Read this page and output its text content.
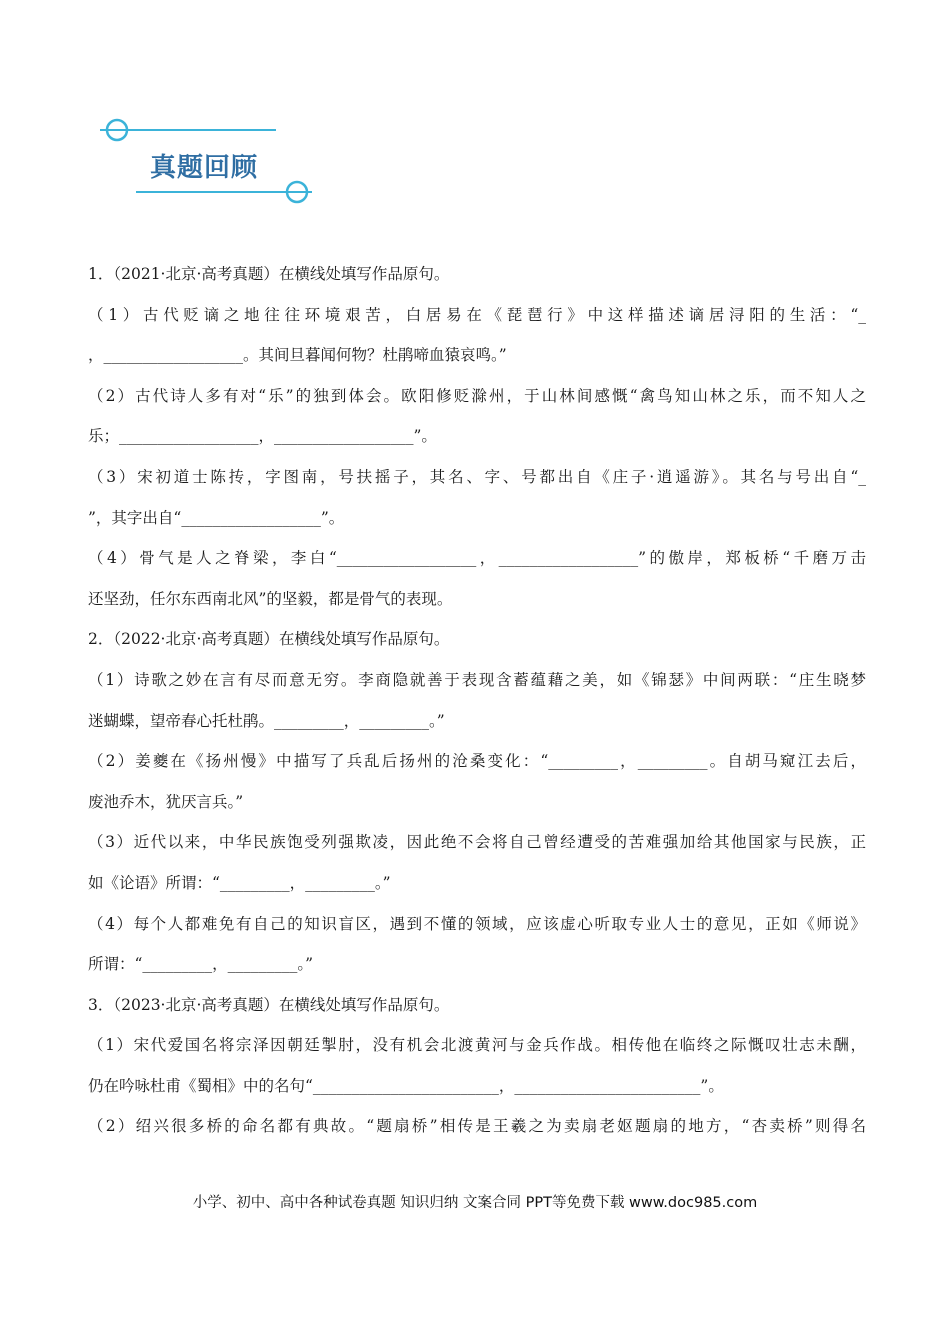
真题回顾
1．（2021·北京·高考真题）在横线处填写作品原句。
（1）古代贬谪之地往往环境艰苦，白居易在《琵琶行》中这样描述谪居浔阳的生活：“_
，__________________。其间旦暮闻何物？杜鹃啼血猿哀鸣。”
（2）古代诗人多有对“乐”的独到体会。欧阳修贬滁州，于山林间感慨“禽鸟知山林之乐，而不知人之
乐；__________________，__________________”。
（3）宋初道士陈抟，字图南，号扶摇子，其名、字、号都出自《庄子·逍遥游》。其名与号出自“_
”，其字出自“__________________”。
（4）骨气是人之脊梁，李白“__________________，__________________”的傲岸，郑板桥“千磨万击
还坚劲，任尔东西南北风”的坚毅，都是骨气的表现。
2．（2022·北京·高考真题）在横线处填写作品原句。
（1）诗歌之妙在言有尽而意无穷。李商隐就善于表现含蓄蕴藉之美，如《锦瑟》中间两联：“庄生晓梦
迷蝴蝶，望帝春心托杜鹃。_________，_________。”
（2）姜夔在《扬州慢》中描写了兵乱后扬州的沧桑变化：“_________，_________。自胡马窥江去后，
废池乔木，犹厌言兵。”
（3）近代以来，中华民族饱受列强欺凌，因此绝不会将自己曾经遭受的苦难强加给其他国家与民族，正
如《论语》所谓：“_________，_________。”
（4）每个人都难免有自己的知识盲区，遇到不懂的领域，应该虚心听取专业人士的意见，正如《师说》
所谓：“_________，_________。”
3．（2023·北京·高考真题）在横线处填写作品原句。
（1）宋代爱国名将宗泽因朝廷掣肘，没有机会北渡黄河与金兵作战。相传他在临终之际慨叹壮志未酬，
仍在吟咏杜甫《蜀相》中的名句“________________________，________________________”。
（2）绍兴很多桥的命名都有典故。“题扇桥”相传是王羲之为卖扇老妪题扇的地方，“杏卖桥”则得名
小学、初中、高中各种试卷真题 知识归纳 文案合同 PPT等免费下载 www.doc985.com
